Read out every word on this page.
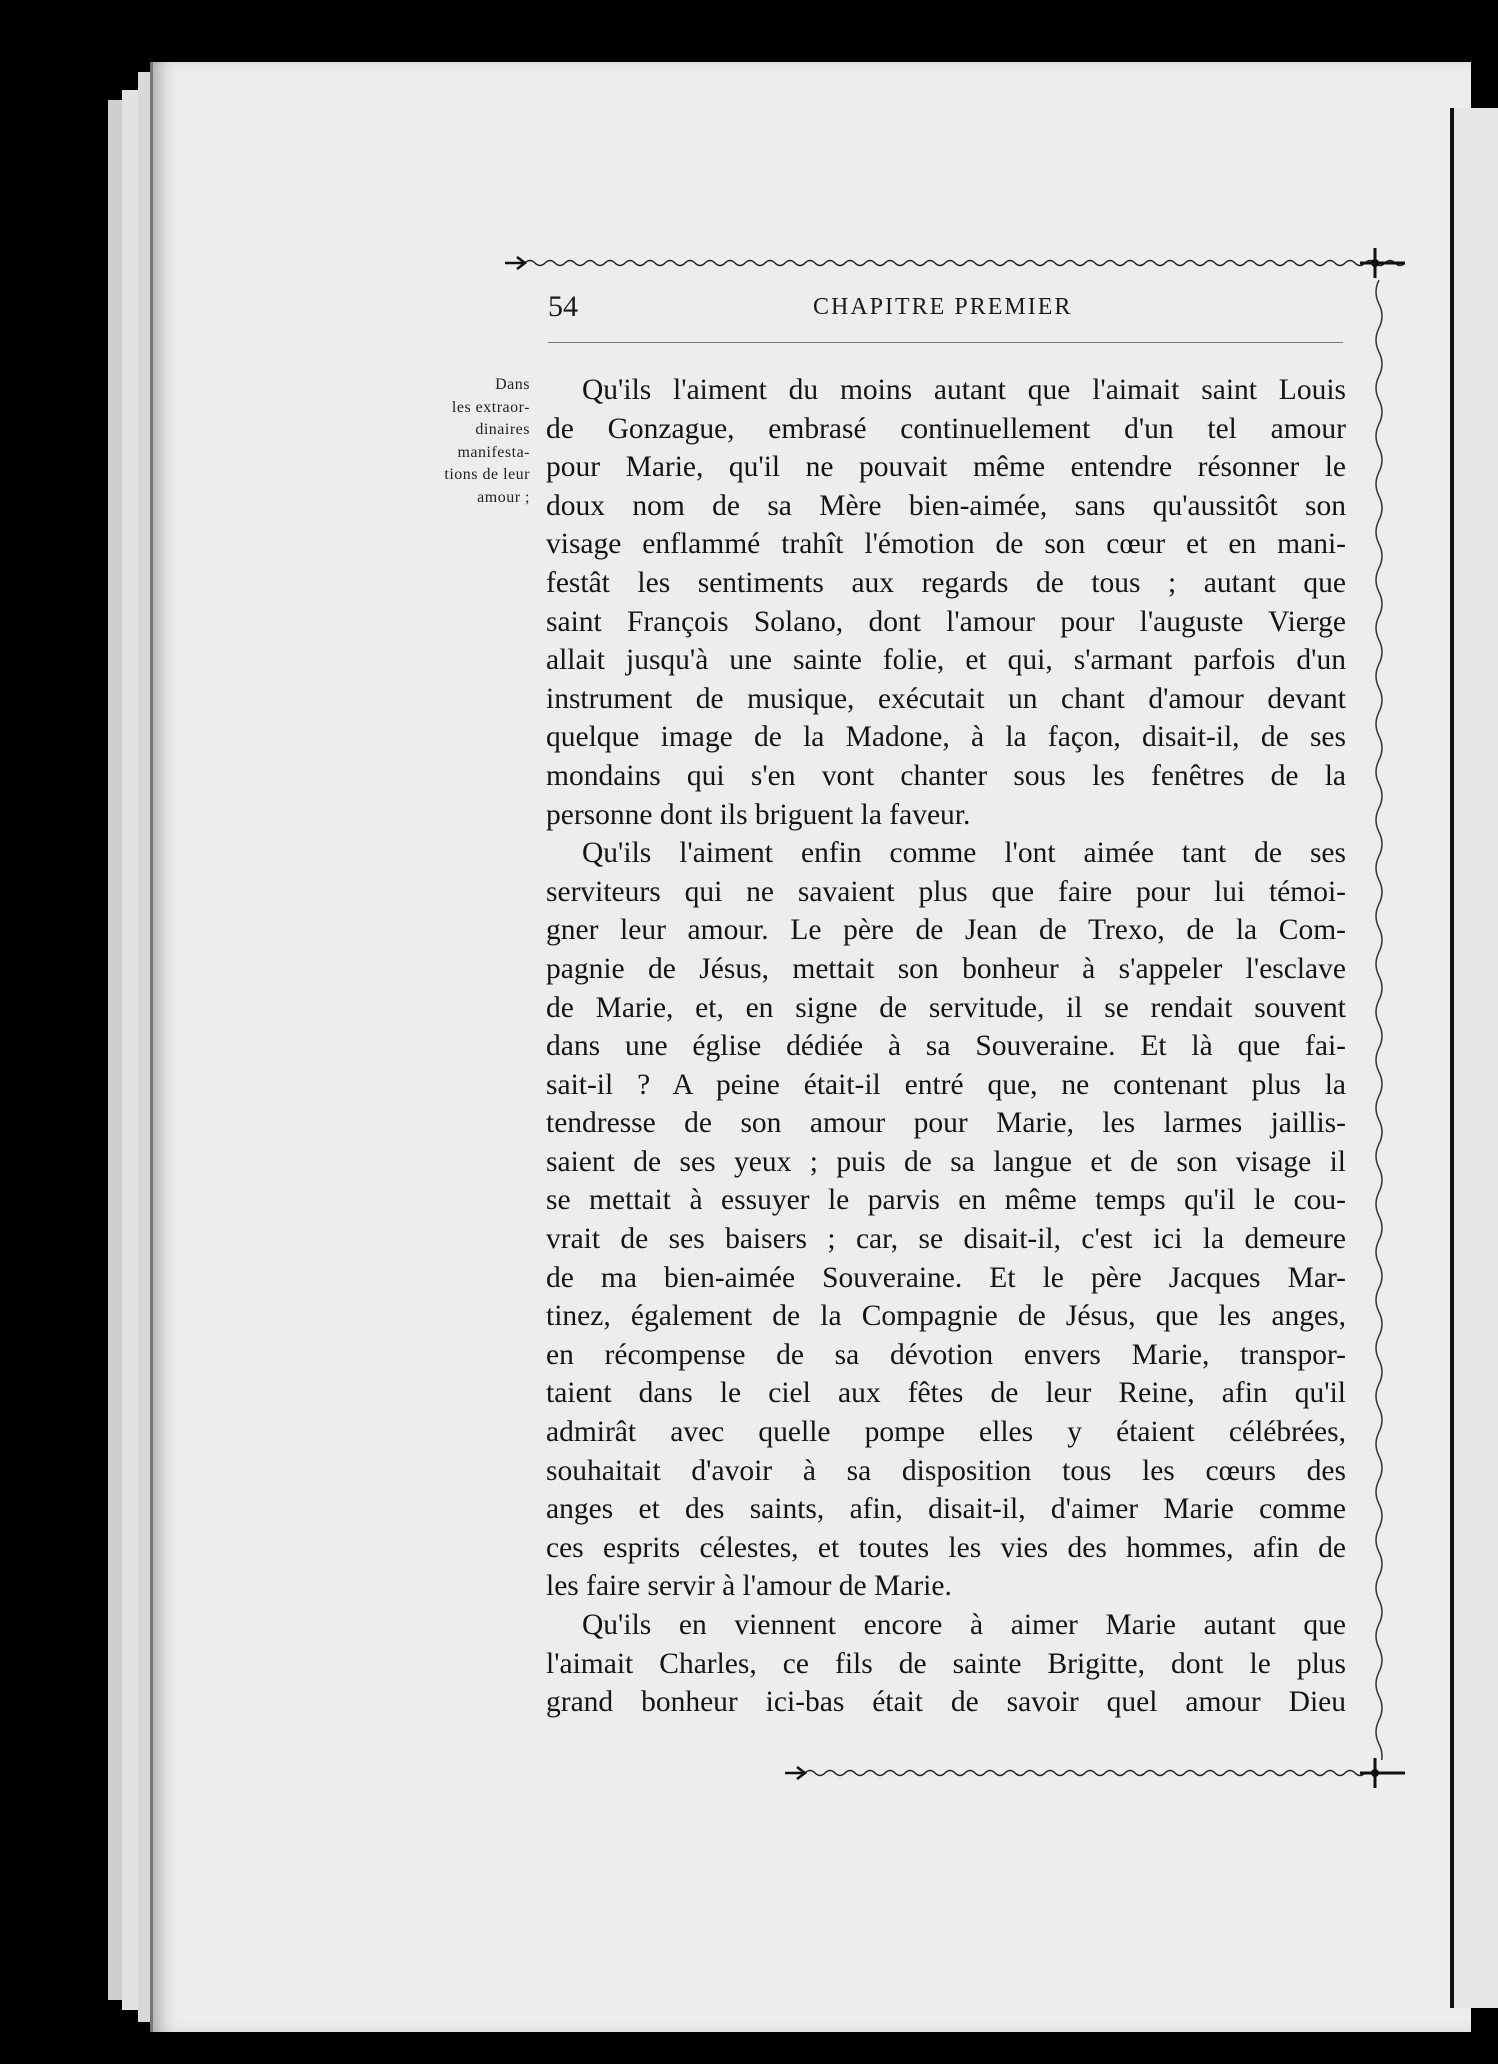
54	CHAPITRE PREMIER
Dans
les extraor-
dinaires
manifesta-
tions de leur
amour ;
Qu'ils l'aiment du moins autant que l'aimait saint Louis
de Gonzague, embrasé continuellement d'un tel amour
pour Marie, qu'il ne pouvait même entendre résonner le
doux nom de sa Mère bien-aimée, sans qu'aussitôt son
visage enflammé trahît l'émotion de son cœur et en mani-
festât les sentiments aux regards de tous ; autant que
saint François Solano, dont l'amour pour l'auguste Vierge
allait jusqu'à une sainte folie, et qui, s'armant parfois d'un
instrument de musique, exécutait un chant d'amour devant
quelque image de la Madone, à la façon, disait-il, de ses
mondains qui s'en vont chanter sous les fenêtres de la
personne dont ils briguent la faveur.
Qu'ils l'aiment enfin comme l'ont aimée tant de ses
serviteurs qui ne savaient plus que faire pour lui témoi-
gner leur amour. Le père de Jean de Trexo, de la Com-
pagnie de Jésus, mettait son bonheur à s'appeler l'esclave
de Marie, et, en signe de servitude, il se rendait souvent
dans une église dédiée à sa Souveraine. Et là que fai-
sait-il ? A peine était-il entré que, ne contenant plus la
tendresse de son amour pour Marie, les larmes jaillis-
saient de ses yeux ; puis de sa langue et de son visage il
se mettait à essuyer le parvis en même temps qu'il le cou-
vrait de ses baisers ; car, se disait-il, c'est ici la demeure
de ma bien-aimée Souveraine. Et le père Jacques Mar-
tinez, également de la Compagnie de Jésus, que les anges,
en récompense de sa dévotion envers Marie, transpor-
taient dans le ciel aux fêtes de leur Reine, afin qu'il
admirât avec quelle pompe elles y étaient célébrées,
souhaitait d'avoir à sa disposition tous les cœurs des
anges et des saints, afin, disait-il, d'aimer Marie comme
ces esprits célestes, et toutes les vies des hommes, afin de
les faire servir à l'amour de Marie.
Qu'ils en viennent encore à aimer Marie autant que
l'aimait Charles, ce fils de sainte Brigitte, dont le plus
grand bonheur ici-bas était de savoir quel amour Dieu
